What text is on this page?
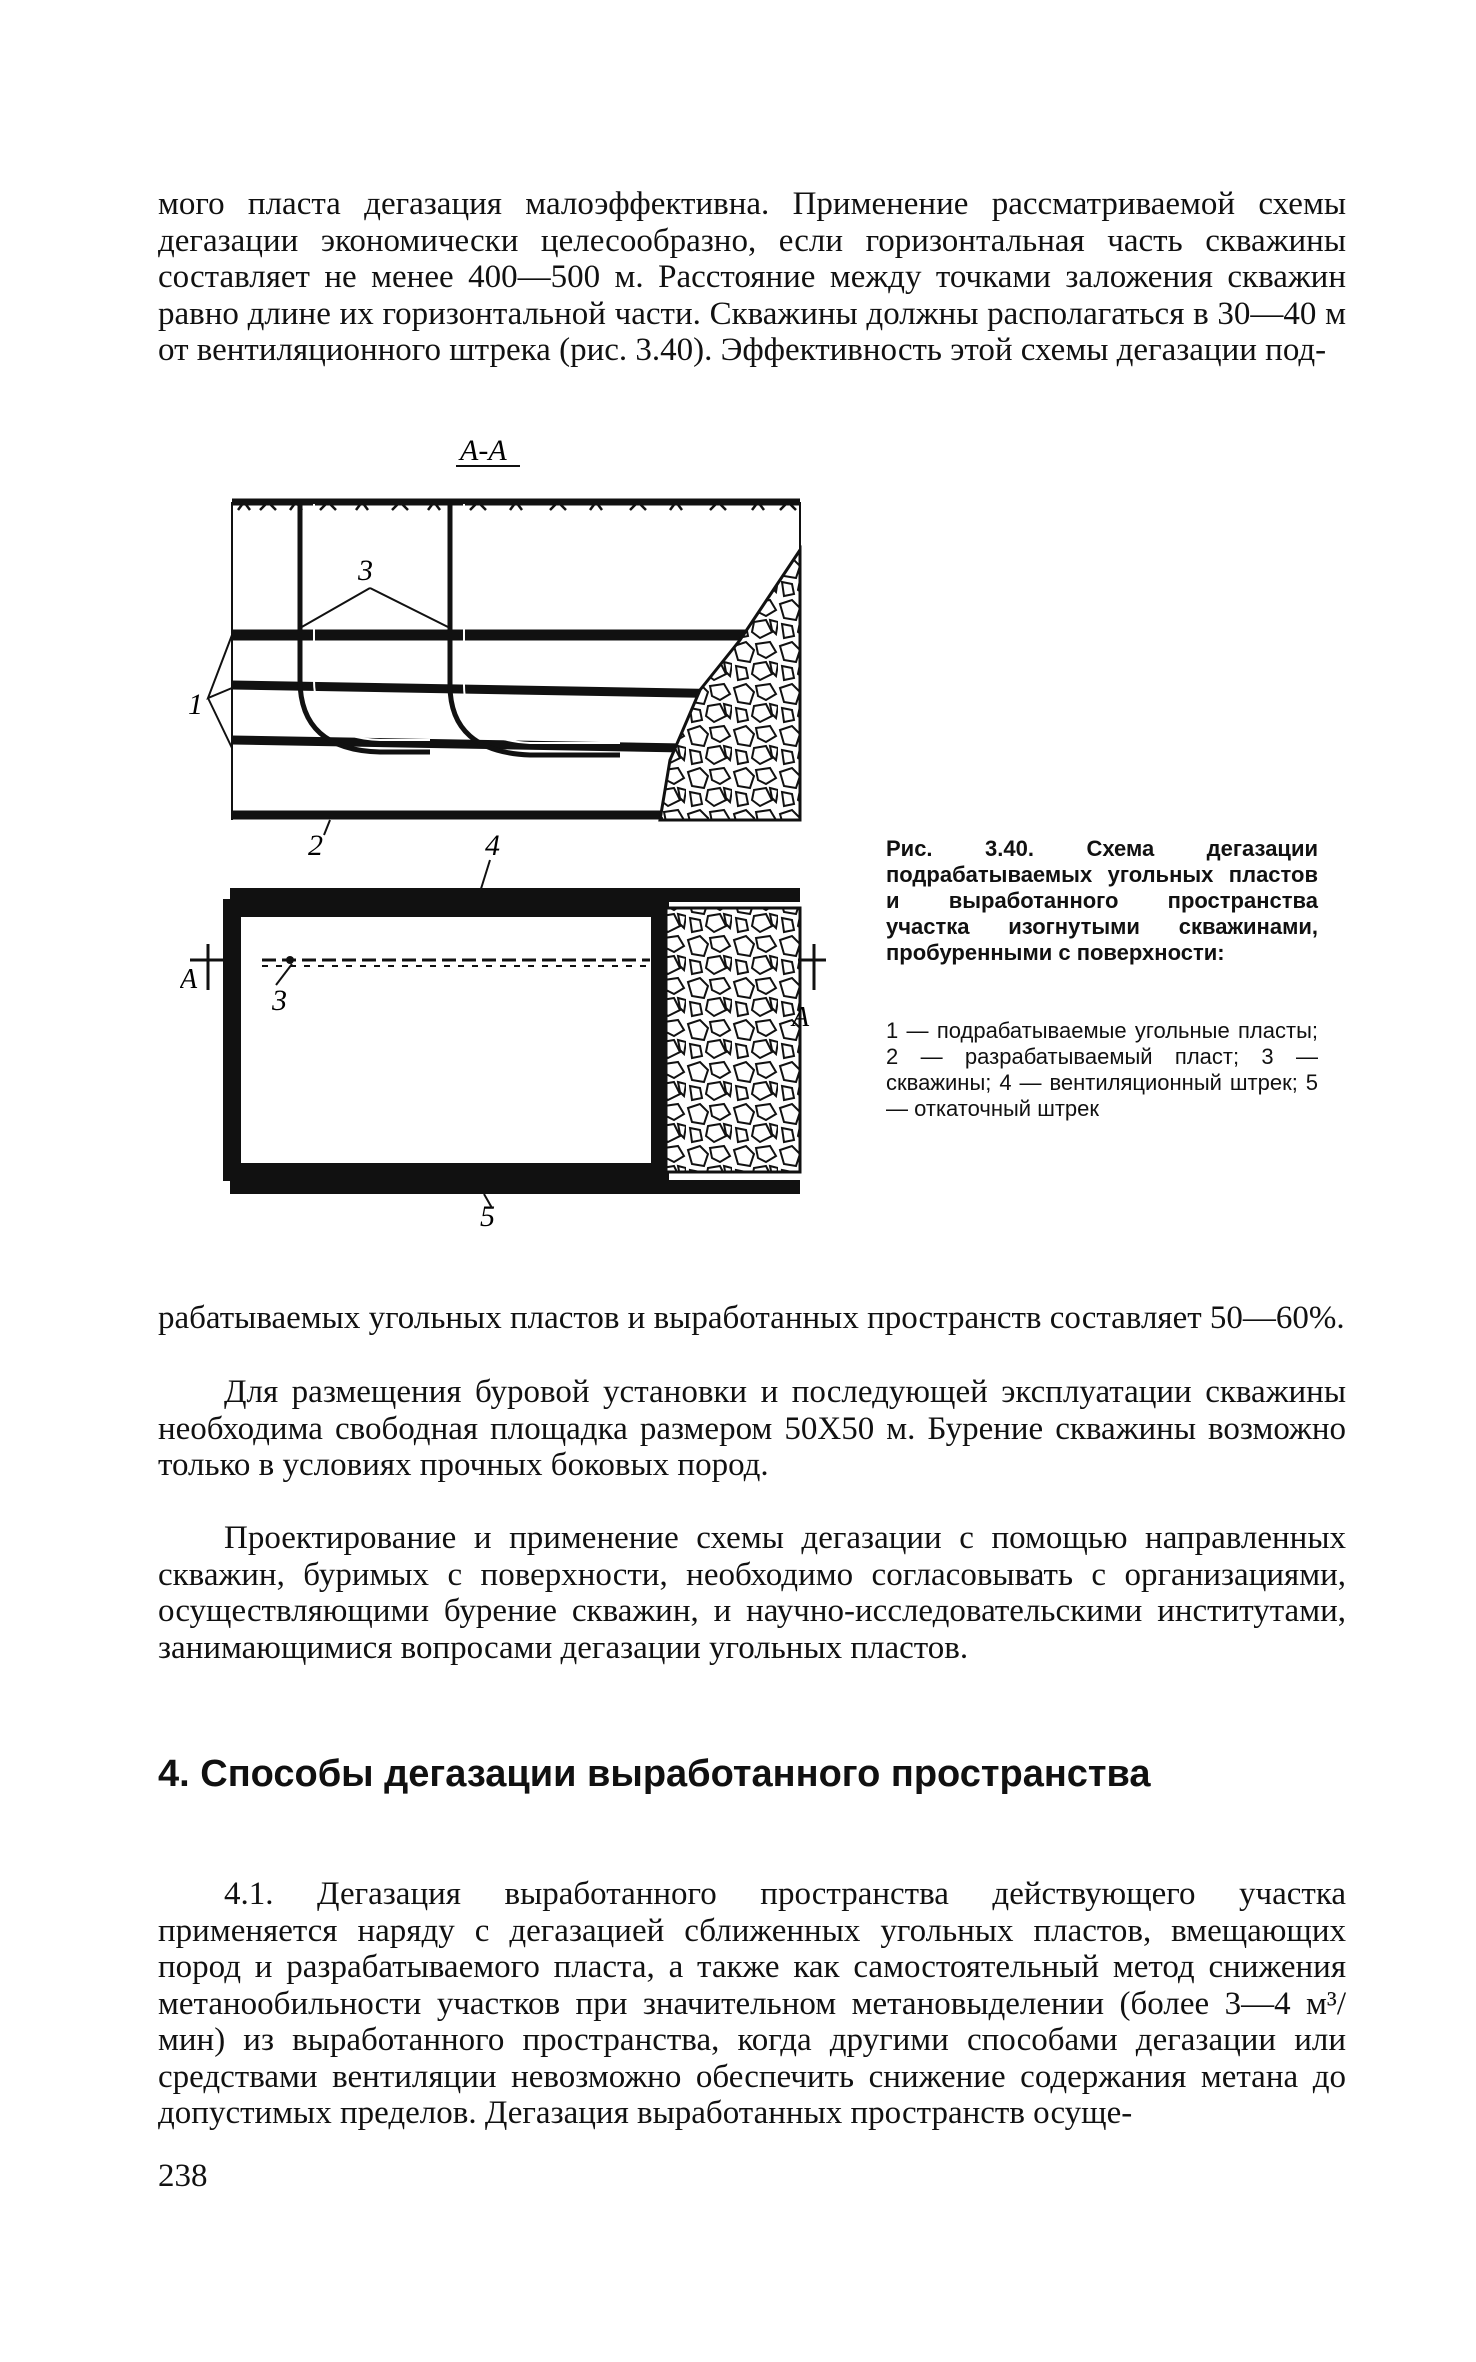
мого пласта дегазация малоэффективна. Применение рассматриваемой схемы дегазации экономически целесообразно, если горизонтальная часть скважины составляет не менее 400—500 м. Расстояние между точками заложения скважин равно длине их горизонтальной части. Скважины должны располагаться в 30—40 м от вентиляционного штрека (рис. 3.40). Эффективность этой схемы дегазации под-

А-А
3
1
2	4
3
А
А
5

Рис. 3.40. Схема дегазации подрабатываемых угольных пластов и выработанного пространства участка изогнутыми скважинами, пробуренными с поверхности:

1 — подрабатываемые угольные пласты; 2 — разрабатываемый пласт; 3 — скважины; 4 — вентиляционный штрек; 5 — откаточный штрек

рабатываемых угольных пластов и выработанных пространств составляет 50—60%.

Для размещения буровой установки и последующей эксплуатации скважины необходима свободная площадка размером 50Х50 м. Бурение скважины возможно только в условиях прочных боковых пород.

Проектирование и применение схемы дегазации с помощью направленных скважин, буримых с поверхности, необходимо согласовывать с организациями, осуществляющими бурение скважин, и научно-исследовательскими институтами, занимающимися вопросами дегазации угольных пластов.

4. Способы дегазации выработанного пространства

4.1. Дегазация выработанного пространства действующего участка применяется наряду с дегазацией сближенных угольных пластов, вмещающих пород и разрабатываемого пласта, а также как самостоятельный метод снижения метанообильности участков при значительном метановыделении (более 3—4 м³/мин) из выработанного пространства, когда другими способами дегазации или средствами вентиляции невозможно обеспечить снижение содержания метана до допустимых пределов. Дегазация выработанных пространств осуще-

238
